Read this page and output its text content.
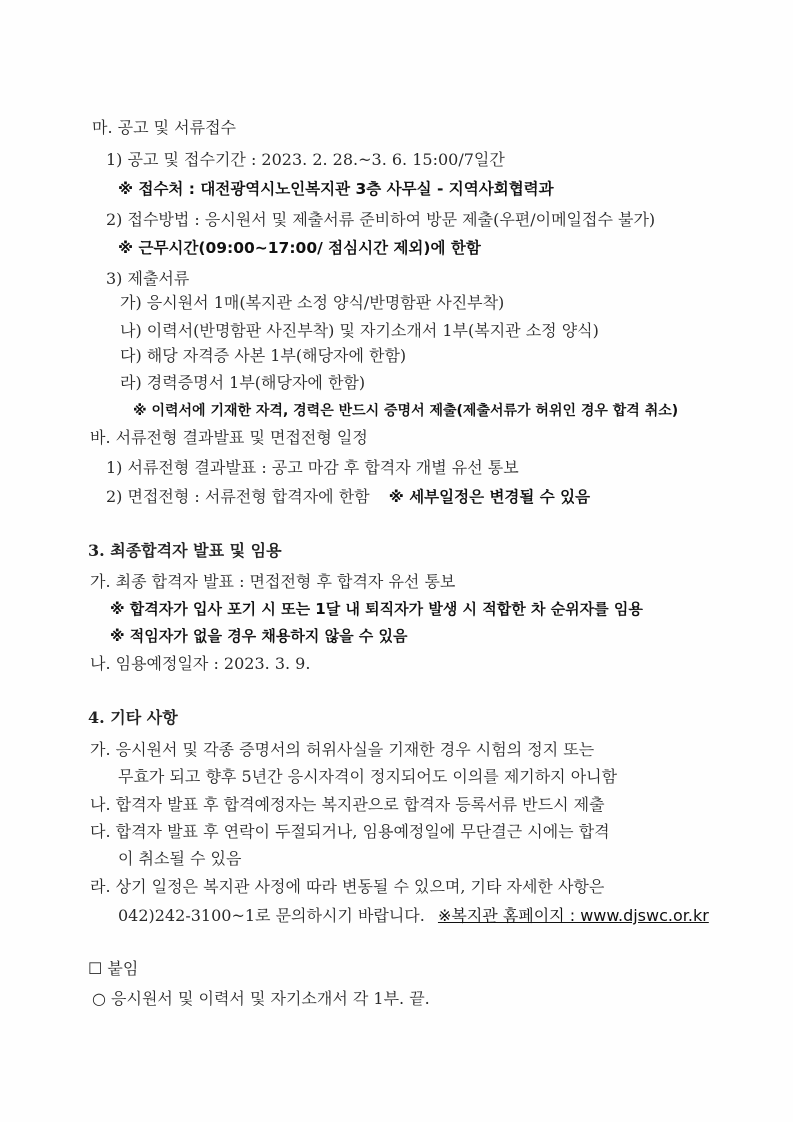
마. 공고 및 서류접수
1) 공고 및 접수기간 : 2023. 2. 28.~3. 6. 15:00/7일간
※ 접수처 : 대전광역시노인복지관 3층 사무실 - 지역사회협력과
2) 접수방법 : 응시원서 및 제출서류 준비하여 방문 제출(우편/이메일접수 불가)
※ 근무시간(09:00~17:00/ 점심시간 제외)에 한함
3) 제출서류
가) 응시원서 1매(복지관 소정 양식/반명함판 사진부착)
나) 이력서(반명함판 사진부착) 및 자기소개서 1부(복지관 소정 양식)
다) 해당 자격증 사본 1부(해당자에 한함)
라) 경력증명서 1부(해당자에 한함)
※ 이력서에 기재한 자격, 경력은 반드시 증명서 제출(제출서류가 허위인 경우 합격 취소)
바. 서류전형 결과발표 및 면접전형 일정
1) 서류전형 결과발표 : 공고 마감 후 합격자 개별 유선 통보
2) 면접전형 : 서류전형 합격자에 한함 ※ 세부일정은 변경될 수 있음
3. 최종합격자 발표 및 임용
가. 최종 합격자 발표 : 면접전형 후 합격자 유선 통보
※ 합격자가 입사 포기 시 또는 1달 내 퇴직자가 발생 시 적합한 차 순위자를 임용
※ 적임자가 없을 경우 채용하지 않을 수 있음
나. 임용예정일자 : 2023. 3. 9.
4. 기타 사항
가. 응시원서 및 각종 증명서의 허위사실을 기재한 경우 시험의 정지 또는
무효가 되고 향후 5년간 응시자격이 정지되어도 이의를 제기하지 아니함
나. 합격자 발표 후 합격예정자는 복지관으로 합격자 등록서류 반드시 제출
다. 합격자 발표 후 연락이 두절되거나, 임용예정일에 무단결근 시에는 합격
이 취소될 수 있음
라. 상기 일정은 복지관 사정에 따라 변동될 수 있으며, 기타 자세한 사항은
042)242-3100~1로 문의하시기 바랍니다. ※복지관 홈페이지 : www.djswc.or.kr
☐ 붙임
○ 응시원서 및 이력서 및 자기소개서 각 1부. 끝.
